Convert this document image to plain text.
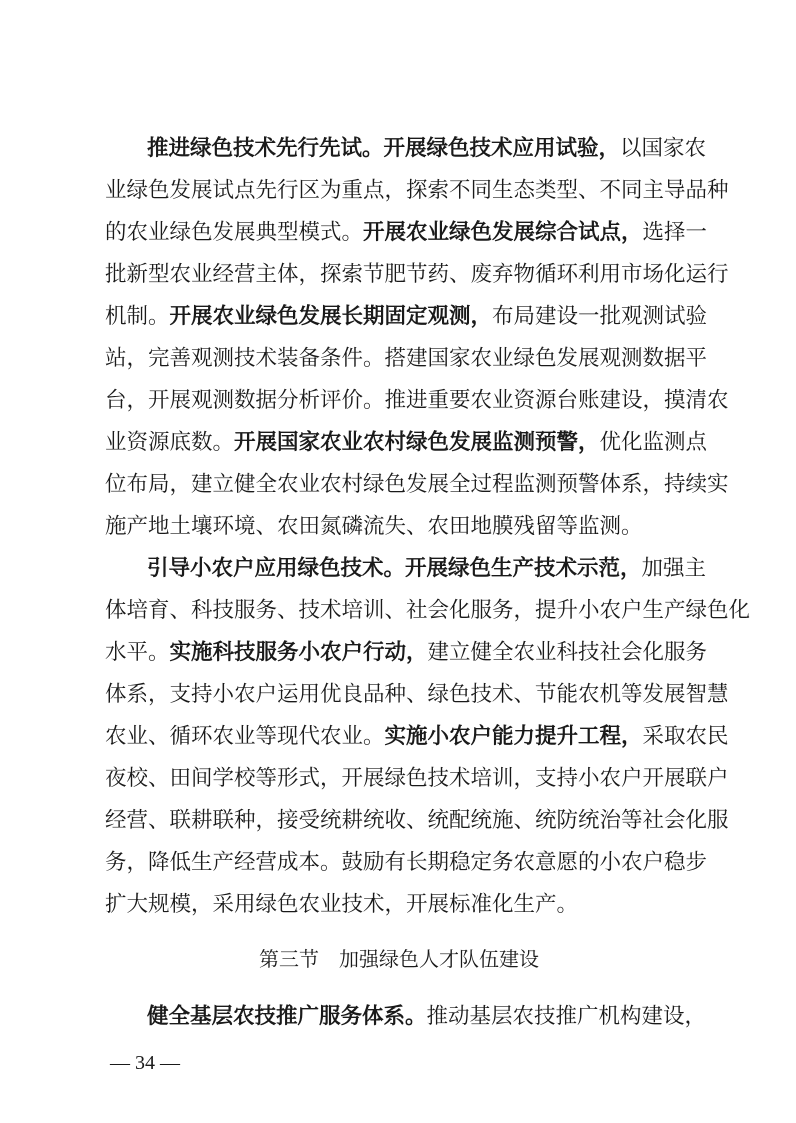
推进绿色技术先行先试。开展绿色技术应用试验，以国家农
业绿色发展试点先行区为重点，探索不同生态类型、不同主导品种
的农业绿色发展典型模式。开展农业绿色发展综合试点，选择一
批新型农业经营主体，探索节肥节药、废弃物循环利用市场化运行
机制。开展农业绿色发展长期固定观测，布局建设一批观测试验
站，完善观测技术装备条件。搭建国家农业绿色发展观测数据平
台，开展观测数据分析评价。推进重要农业资源台账建设，摸清农
业资源底数。开展国家农业农村绿色发展监测预警，优化监测点
位布局，建立健全农业农村绿色发展全过程监测预警体系，持续实
施产地土壤环境、农田氮磷流失、农田地膜残留等监测。
引导小农户应用绿色技术。开展绿色生产技术示范，加强主
体培育、科技服务、技术培训、社会化服务，提升小农户生产绿色化
水平。实施科技服务小农户行动，建立健全农业科技社会化服务
体系，支持小农户运用优良品种、绿色技术、节能农机等发展智慧
农业、循环农业等现代农业。实施小农户能力提升工程，采取农民
夜校、田间学校等形式，开展绿色技术培训，支持小农户开展联户
经营、联耕联种，接受统耕统收、统配统施、统防统治等社会化服
务，降低生产经营成本。鼓励有长期稳定务农意愿的小农户稳步
扩大规模，采用绿色农业技术，开展标准化生产。
第三节　加强绿色人才队伍建设
健全基层农技推广服务体系。推动基层农技推广机构建设，
— 34 —
